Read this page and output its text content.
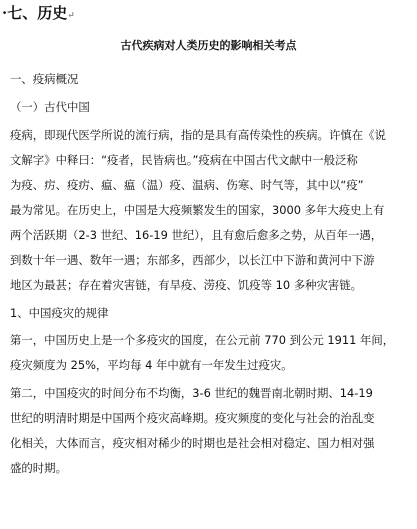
·七、历史↵
古代疾病对人类历史的影响相关考点
一、疫病概况
（一）古代中国
疫病，即现代医学所说的流行病，指的是具有高传染性的疾病。许慎在《说
文解字》中释曰：“疫者，民皆病也。”疫病在中国古代文献中一般泛称
为疫、疠、疫疠、瘟、瘟（温）疫、温病、伤寒、时气等，其中以“疫”
最为常见。在历史上，中国是大疫频繁发生的国家，3000 多年大疫史上有
两个活跃期（2-3 世纪、16-19 世纪），且有愈后愈多之势，从百年一遇，
到数十年一遇、数年一遇；东部多，西部少，以长江中下游和黄河中下游
地区为最甚；存在着灾害链，有旱疫、涝疫、饥疫等 10 多种灾害链。
1、中国疫灾的规律
第一，中国历史上是一个多疫灾的国度，在公元前 770 到公元 1911 年间，
疫灾频度为 25%，平均每 4 年中就有一年发生过疫灾。
第二，中国疫灾的时间分布不均衡，3-6 世纪的魏晋南北朝时期、14-19
世纪的明清时期是中国两个疫灾高峰期。疫灾频度的变化与社会的治乱变
化相关，大体而言，疫灾相对稀少的时期也是社会相对稳定、国力相对强
盛的时期。
